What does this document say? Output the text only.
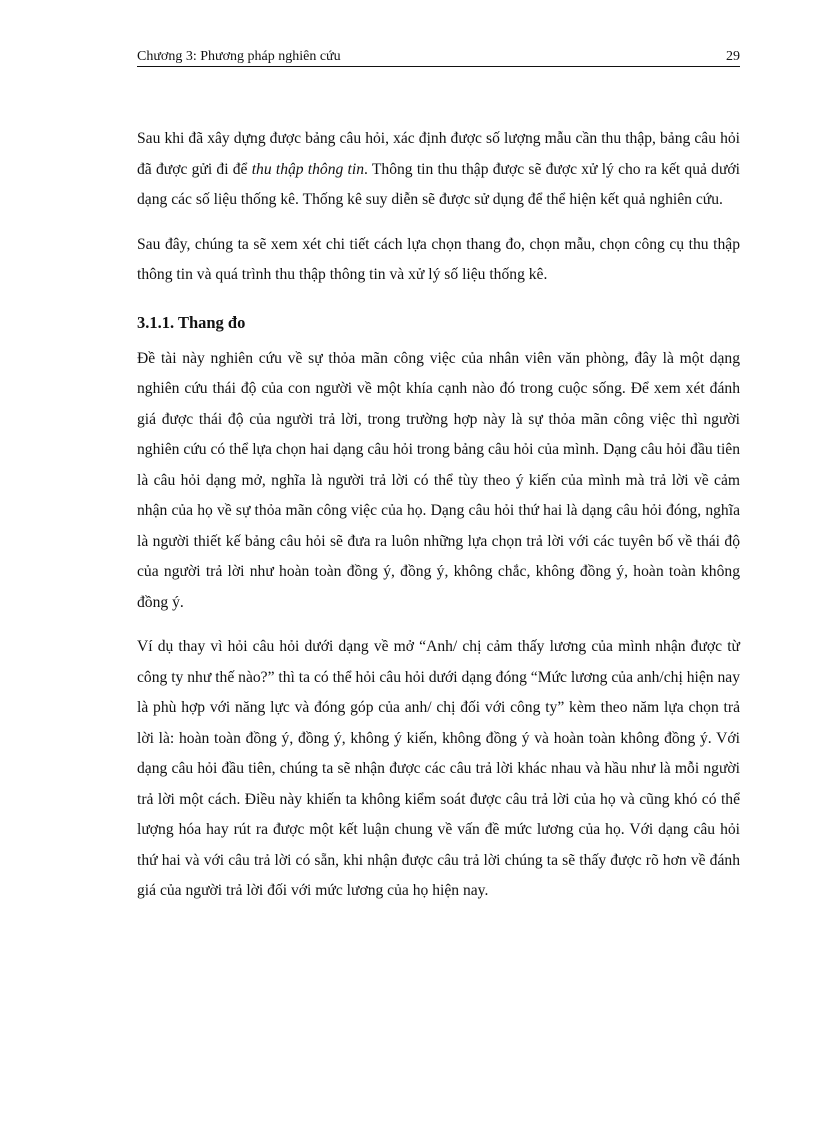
Chương 3: Phương pháp nghiên cứu	29

Sau khi đã xây dựng được bảng câu hỏi, xác định được số lượng mẫu cần thu thập, bảng câu hỏi đã được gửi đi để thu thập thông tin. Thông tin thu thập được sẽ được xử lý cho ra kết quả dưới dạng các số liệu thống kê. Thống kê suy diễn sẽ được sử dụng để thể hiện kết quả nghiên cứu.

Sau đây, chúng ta sẽ xem xét chi tiết cách lựa chọn thang đo, chọn mẫu, chọn công cụ thu thập thông tin và quá trình thu thập thông tin và xử lý số liệu thống kê.

3.1.1. Thang đo

Đề tài này nghiên cứu về sự thỏa mãn công việc của nhân viên văn phòng, đây là một dạng nghiên cứu thái độ của con người về một khía cạnh nào đó trong cuộc sống. Để xem xét đánh giá được thái độ của người trả lời, trong trường hợp này là sự thỏa mãn công việc thì người nghiên cứu có thể lựa chọn hai dạng câu hỏi trong bảng câu hỏi của mình. Dạng câu hỏi đầu tiên là câu hỏi dạng mở, nghĩa là người trả lời có thể tùy theo ý kiến của mình mà trả lời về cảm nhận của họ về sự thỏa mãn công việc của họ. Dạng câu hỏi thứ hai là dạng câu hỏi đóng, nghĩa là người thiết kế bảng câu hỏi sẽ đưa ra luôn những lựa chọn trả lời với các tuyên bố về thái độ của người trả lời như hoàn toàn đồng ý, đồng ý, không chắc, không đồng ý, hoàn toàn không đồng ý.

Ví dụ thay vì hỏi câu hỏi dưới dạng về mở “Anh/ chị cảm thấy lương của mình nhận được từ công ty như thế nào?” thì ta có thể hỏi câu hỏi dưới dạng đóng “Mức lương của anh/chị hiện nay là phù hợp với năng lực và đóng góp của anh/ chị đối với công ty” kèm theo năm lựa chọn trả lời là: hoàn toàn đồng ý, đồng ý, không ý kiến, không đồng ý và hoàn toàn không đồng ý. Với dạng câu hỏi đầu tiên, chúng ta sẽ nhận được các câu trả lời khác nhau và hầu như là mỗi người trả lời một cách. Điều này khiến ta không kiểm soát được câu trả lời của họ và cũng khó có thể lượng hóa hay rút ra được một kết luận chung về vấn đề mức lương của họ. Với dạng câu hỏi thứ hai và với câu trả lời có sẵn, khi nhận được câu trả lời chúng ta sẽ thấy được rõ hơn về đánh giá của người trả lời đối với mức lương của họ hiện nay.
